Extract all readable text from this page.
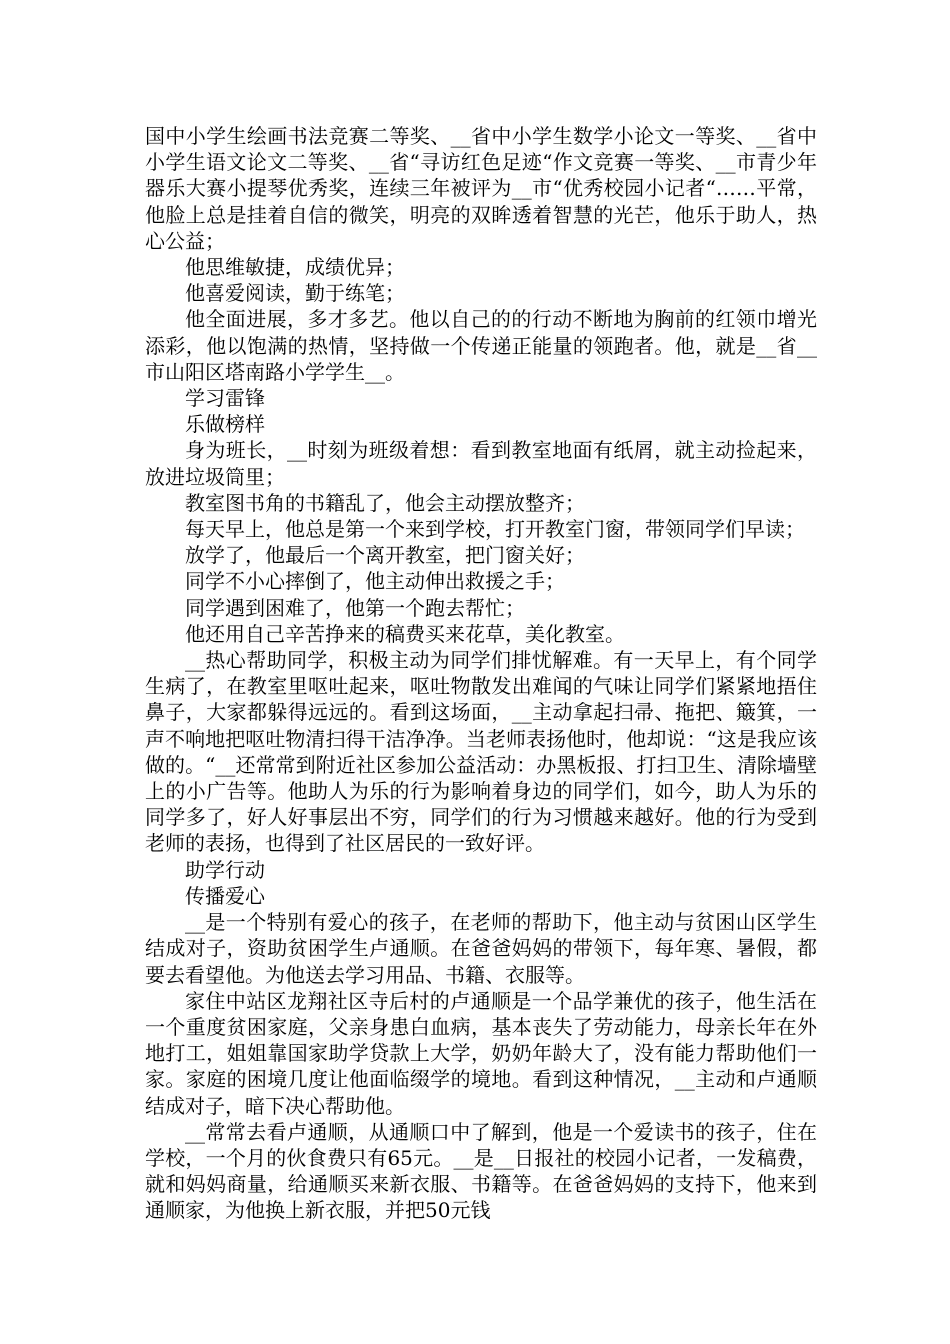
国中小学生绘画书法竞赛二等奖、__省中小学生数学小论文一等奖、__省中小学生语文论文二等奖、__省“寻访红色足迹“作文竞赛一等奖、__市青少年器乐大赛小提琴优秀奖，连续三年被评为__市“优秀校园小记者“……平常，他脸上总是挂着自信的微笑，明亮的双眸透着智慧的光芒，他乐于助人，热心公益；

他思维敏捷，成绩优异；

他喜爱阅读，勤于练笔；

他全面进展，多才多艺。他以自己的的行动不断地为胸前的红领巾增光添彩，他以饱满的热情，坚持做一个传递正能量的领跑者。他，就是__省__市山阳区塔南路小学学生__。

学习雷锋

乐做榜样

身为班长，__时刻为班级着想：看到教室地面有纸屑，就主动捡起来，放进垃圾筒里；

教室图书角的书籍乱了，他会主动摆放整齐；

每天早上，他总是第一个来到学校，打开教室门窗，带领同学们早读；

放学了，他最后一个离开教室，把门窗关好；

同学不小心摔倒了，他主动伸出救援之手；

同学遇到困难了，他第一个跑去帮忙；

他还用自己辛苦挣来的稿费买来花草，美化教室。

__热心帮助同学，积极主动为同学们排忧解难。有一天早上，有个同学生病了，在教室里呕吐起来，呕吐物散发出难闻的气味让同学们紧紧地捂住鼻子，大家都躲得远远的。看到这场面，__主动拿起扫帚、拖把、簸箕，一声不响地把呕吐物清扫得干洁净净。当老师表扬他时，他却说：“这是我应该做的。“__还常常到附近社区参加公益活动：办黑板报、打扫卫生、清除墙壁上的小广告等。他助人为乐的行为影响着身边的同学们，如今，助人为乐的同学多了，好人好事层出不穷，同学们的行为习惯越来越好。他的行为受到老师的表扬，也得到了社区居民的一致好评。

助学行动

传播爱心

__是一个特别有爱心的孩子，在老师的帮助下，他主动与贫困山区学生结成对子，资助贫困学生卢通顺。在爸爸妈妈的带领下，每年寒、暑假，都要去看望他。为他送去学习用品、书籍、衣服等。

家住中站区龙翔社区寺后村的卢通顺是一个品学兼优的孩子，他生活在一个重度贫困家庭，父亲身患白血病，基本丧失了劳动能力，母亲长年在外地打工，姐姐靠国家助学贷款上大学，奶奶年龄大了，没有能力帮助他们一家。家庭的困境几度让他面临缀学的境地。看到这种情况，__主动和卢通顺结成对子，暗下决心帮助他。

__常常去看卢通顺，从通顺口中了解到，他是一个爱读书的孩子，住在学校，一个月的伙食费只有65元。__是__日报社的校园小记者，一发稿费，就和妈妈商量，给通顺买来新衣服、书籍等。在爸爸妈妈的支持下，他来到通顺家，为他换上新衣服，并把50元钱
